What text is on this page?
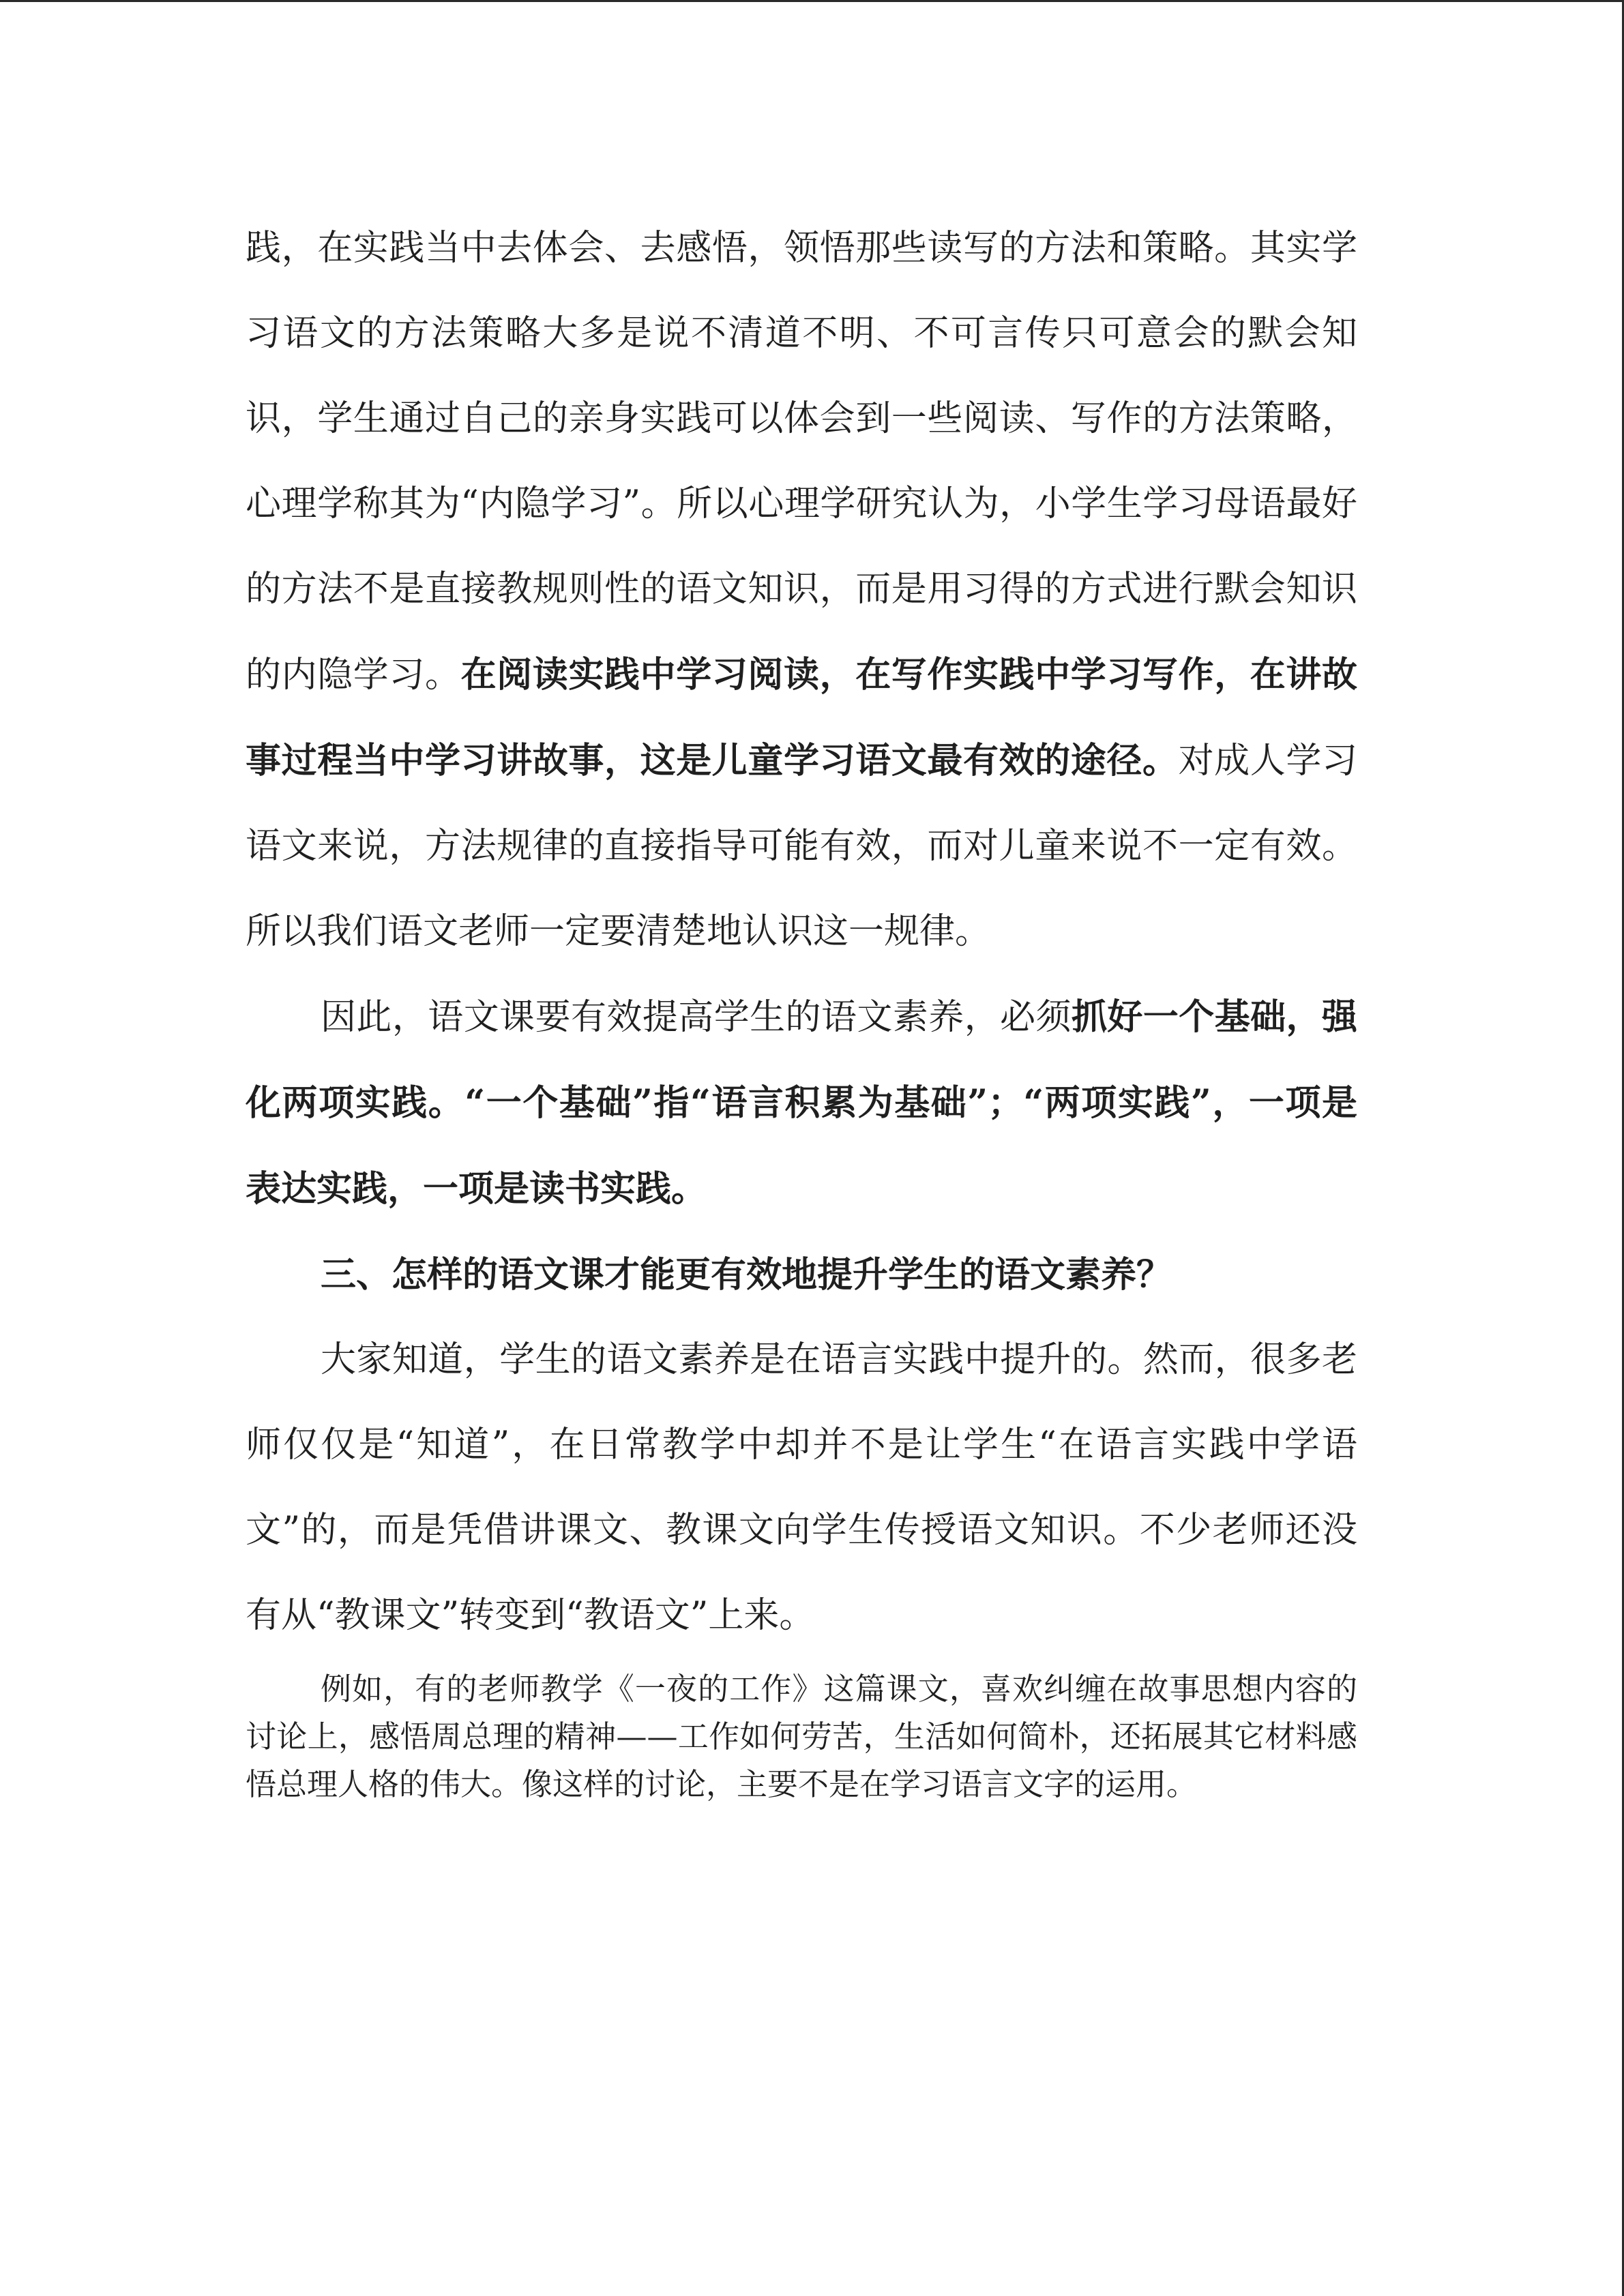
践，在实践当中去体会、去感悟，领悟那些读写的方法和策略。其实学习语文的方法策略大多是说不清道不明、不可言传只可意会的默会知识，学生通过自己的亲身实践可以体会到一些阅读、写作的方法策略，心理学称其为“内隐学习”。所以心理学研究认为，小学生学习母语最好的方法不是直接教规则性的语文知识，而是用习得的方式进行默会知识的内隐学习。在阅读实践中学习阅读，在写作实践中学习写作，在讲故事过程当中学习讲故事，这是儿童学习语文最有效的途径。对成人学习语文来说，方法规律的直接指导可能有效，而对儿童来说不一定有效。所以我们语文老师一定要清楚地认识这一规律。

因此，语文课要有效提高学生的语文素养，必须抓好一个基础，强化两项实践。“一个基础”指“语言积累为基础”；“两项实践”，一项是表达实践，一项是读书实践。

三、怎样的语文课才能更有效地提升学生的语文素养？

大家知道，学生的语文素养是在语言实践中提升的。然而，很多老师仅仅是“知道”，在日常教学中却并不是让学生“在语言实践中学语文”的，而是凭借讲课文、教课文向学生传授语文知识。不少老师还没有从“教课文”转变到“教语文”上来。

例如，有的老师教学《一夜的工作》这篇课文，喜欢纠缠在故事思想内容的讨论上，感悟周总理的精神——工作如何劳苦，生活如何简朴，还拓展其它材料感悟总理人格的伟大。像这样的讨论，主要不是在学习语言文字的运用。
